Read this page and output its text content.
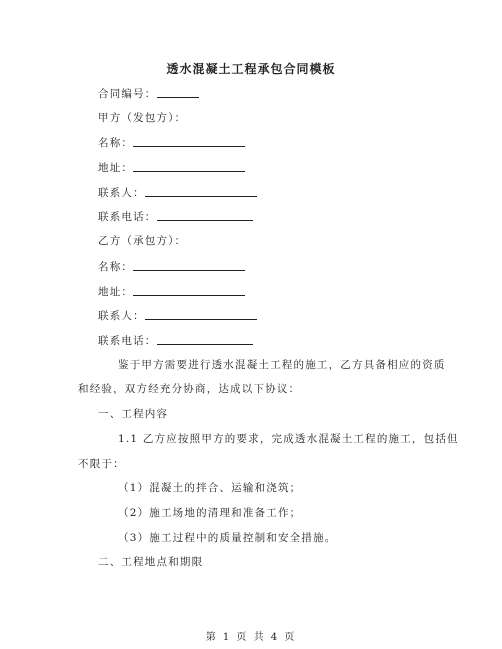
透水混凝土工程承包合同模板
合同编号：
甲方（发包方）：
名称：
地址：
联系人：
联系电话：
乙方（承包方）：
名称：
地址：
联系人：
联系电话：
鉴于甲方需要进行透水混凝土工程的施工，乙方具备相应的资质
和经验，双方经充分协商，达成以下协议：
一、工程内容
1.1 乙方应按照甲方的要求，完成透水混凝土工程的施工，包括但
不限于：
（1）混凝土的拌合、运输和浇筑；
（2）施工场地的清理和准备工作；
（3）施工过程中的质量控制和安全措施。
二、工程地点和期限
第 1 页 共 4 页
